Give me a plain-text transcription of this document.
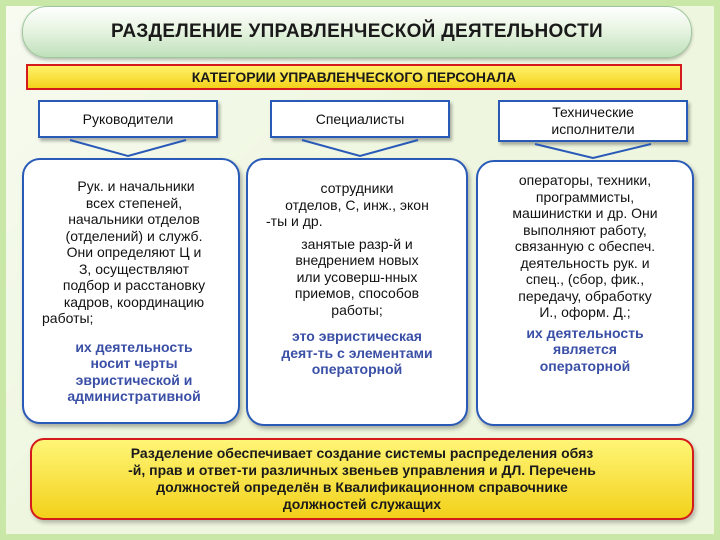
РАЗДЕЛЕНИЕ УПРАВЛЕНЧЕСКОЙ ДЕЯТЕЛЬНОСТИ
КАТЕГОРИИ УПРАВЛЕНЧЕСКОГО ПЕРСОНАЛА
Руководители	Специалисты	Технические
исполнители

Рук. и начальники

всех степеней,

начальники отделов

(отделений) и служб.

Они определяют Ц и

З, осуществляют

подбор и расстановку

кадров, координацию

работы;

их деятельность

носит черты

эвристической и

административной

сотрудники

отделов, С, инж., экон

-ты и др.

занятые разр-й и

внедрением новых

или усоверш-нных

приемов, способов

работы;

это эвристическая

деят-ть с элементами

операторной

операторы, техники,

программисты,

машинистки и др. Они

выполняют работу,

связанную с обеспеч.

деятельность рук. и

спец., (сбор, фик.,

передачу, обработку

И., оформ. Д.;

их деятельность

является

операторной

Разделение обеспечивает создание системы распределения обяз

-й, прав и ответ-ти различных звеньев управления и ДЛ. Перечень

должностей определён в Квалификационном справочнике

должностей служащих
